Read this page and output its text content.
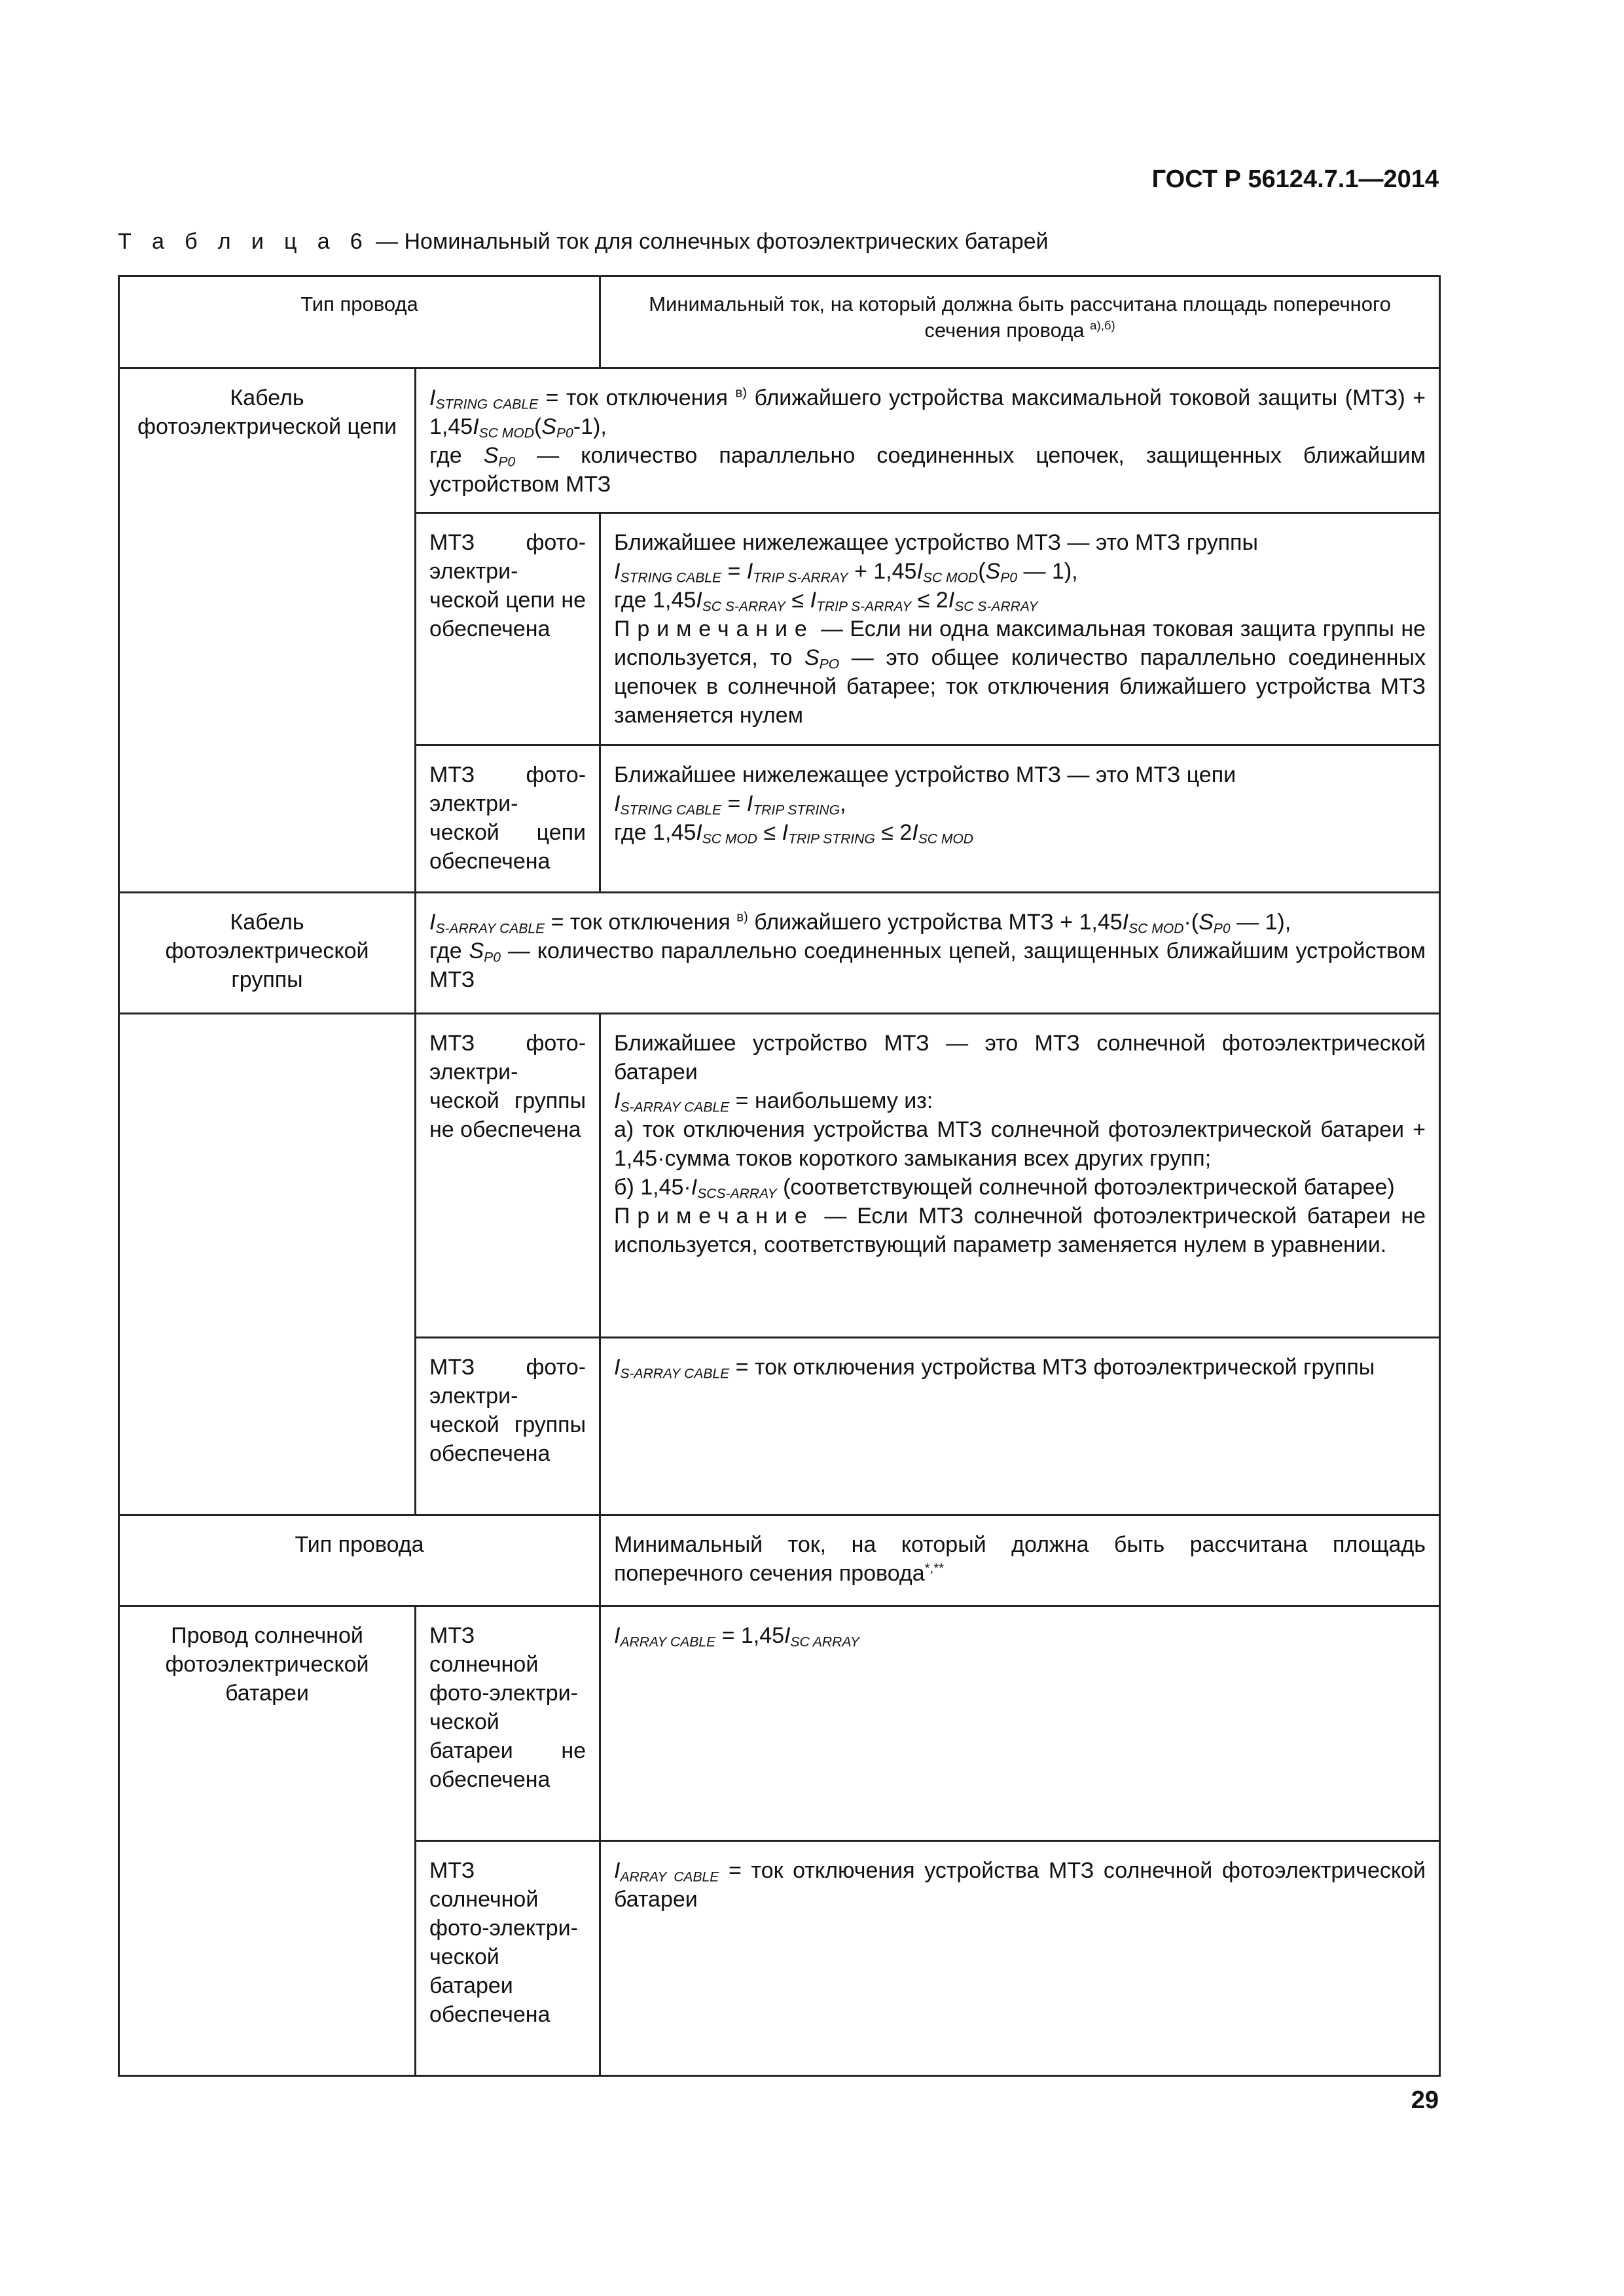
ГОСТ Р 56124.7.1—2014
Т а б л и ц а 6 — Номинальный ток для солнечных фотоэлектрических батарей
Тип провода		Минимальный ток, на который должна быть рассчитана площадь поперечного сечения провода $^{а),б)}$
Кабель фотоэлектрической цепи	$I_{STRING CABLE}$ = ток отключения $^{в)}$ ближайшего устройства максимальной токовой защиты $(МТЗ) + 1,45I_{SC MOD}(S_{P0}-1)$,
где $S_{P0}$ — количество параллельно соединенных цепочек, защищенных ближайшим устройством МТЗ	
	МТЗ фото-электри-ческой цепи не обеспечена	Ближайшее нижележащее устройство МТЗ — это МТЗ группы
$I_{STRING CABLE} = I_{TRIP S-ARRAY} + 1,45I_{SC MOD}(S_{P0}$ — 1),
где $1,45I_{SC S-ARRAY} \le I_{TRIP S-ARRAY} \le 2I_{SC S-ARRAY}$
Примечание — Если ни одна максимальная токовая защита группы не используется, то $S_{PO}$ — это общее количество параллельно соединенных цепочек в солнечной батарее; ток отключения ближайшего устройства МТЗ заменяется нулем
	МТЗ фото-электри-ческой цепи обеспечена	Ближайшее нижележащее устройство МТЗ — это МТЗ цепи
$I_{STRING CABLE} = I_{TRIP STRING}$,
где $1,45I_{SC MOD} \le I_{TRIP STRING} \le 2I_{SC MOD}$
Кабель фотоэлектрической группы	$I_{S-ARRAY CABLE}$ = ток отключения $^{в)}$ ближайшего устройства МТЗ + $1,45I_{SC MOD}\cdot(S_{P0}$ — 1),
где $S_{P0}$ — количество параллельно соединенных цепей, защищенных ближайшим устройством МТЗ	
	МТЗ фото-электри-ческой группы не обеспечена	Ближайшее устройство МТЗ — это МТЗ солнечной фотоэлектрической батареи
$I_{S-ARRAY CABLE}$ = наибольшему из:
а) ток отключения устройства МТЗ солнечной фотоэлектрической батареи + 1,45·сумма токов короткого замыкания всех других групп;
б) $1,45\cdot I_{SCS-ARRAY}$ (соответствующей солнечной фотоэлектрической батарее)
Примечание — Если МТЗ солнечной фотоэлектрической батареи не используется, соответствующий параметр заменяется нулем в уравнении.
	МТЗ фото-электри-ческой группы обеспечена	$I_{S-ARRAY CABLE}$ = ток отключения устройства МТЗ фотоэлектрической группы
Тип провода		Минимальный ток, на который должна быть рассчитана площадь поперечного сечения провода*,**
Провод солнечной фотоэлектрической батареи	МТЗ солнечной фото-электри-ческой батареи не обеспечена	$I_{ARRAY CABLE} = 1,45I_{SC ARRAY}$
	МТЗ солнечной фото-электри-ческой батареи обеспечена	$I_{ARRAY CABLE}$ = ток отключения устройства МТЗ солнечной фотоэлектрической батареи
29
